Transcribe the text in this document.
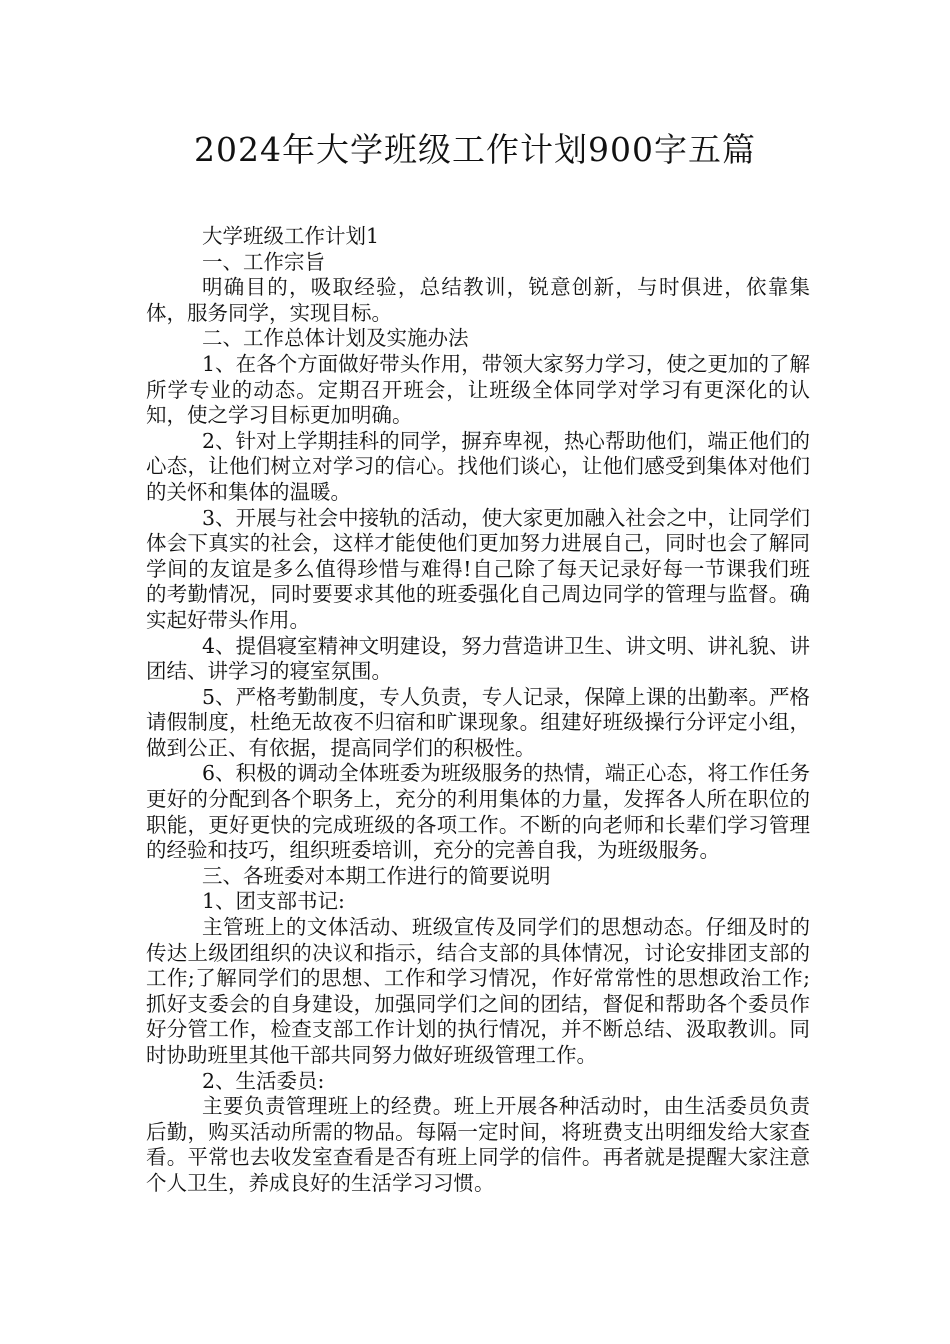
2024年大学班级工作计划900字五篇

大学班级工作计划1

一、工作宗旨

明确目的，吸取经验，总结教训，锐意创新，与时俱进，依靠集体，服务同学，实现目标。

二、工作总体计划及实施办法

1、在各个方面做好带头作用，带领大家努力学习，使之更加的了解所学专业的动态。定期召开班会，让班级全体同学对学习有更深化的认知，使之学习目标更加明确。

2、针对上学期挂科的同学，摒弃卑视，热心帮助他们，端正他们的心态，让他们树立对学习的信心。找他们谈心，让他们感受到集体对他们的关怀和集体的温暖。

3、开展与社会中接轨的活动，使大家更加融入社会之中，让同学们体会下真实的社会，这样才能使他们更加努力进展自己，同时也会了解同学间的友谊是多么值得珍惜与难得!自己除了每天记录好每一节课我们班的考勤情况，同时要要求其他的班委强化自己周边同学的管理与监督。确实起好带头作用。

4、提倡寝室精神文明建设，努力营造讲卫生、讲文明、讲礼貌、讲团结、讲学习的寝室氛围。

5、严格考勤制度，专人负责，专人记录，保障上课的出勤率。严格请假制度，杜绝无故夜不归宿和旷课现象。组建好班级操行分评定小组，做到公正、有依据，提高同学们的积极性。

6、积极的调动全体班委为班级服务的热情，端正心态，将工作任务更好的分配到各个职务上，充分的利用集体的力量，发挥各人所在职位的职能，更好更快的完成班级的各项工作。不断的向老师和长辈们学习管理的经验和技巧，组织班委培训，充分的完善自我，为班级服务。

三、各班委对本期工作进行的简要说明

1、团支部书记:

主管班上的文体活动、班级宣传及同学们的思想动态。仔细及时的传达上级团组织的决议和指示，结合支部的具体情况，讨论安排团支部的工作;了解同学们的思想、工作和学习情况，作好常常性的思想政治工作;抓好支委会的自身建设，加强同学们之间的团结，督促和帮助各个委员作好分管工作，检查支部工作计划的执行情况，并不断总结、汲取教训。同时协助班里其他干部共同努力做好班级管理工作。

2、生活委员:

主要负责管理班上的经费。班上开展各种活动时，由生活委员负责后勤，购买活动所需的物品。每隔一定时间，将班费支出明细发给大家查看。平常也去收发室查看是否有班上同学的信件。再者就是提醒大家注意个人卫生，养成良好的生活学习习惯。
